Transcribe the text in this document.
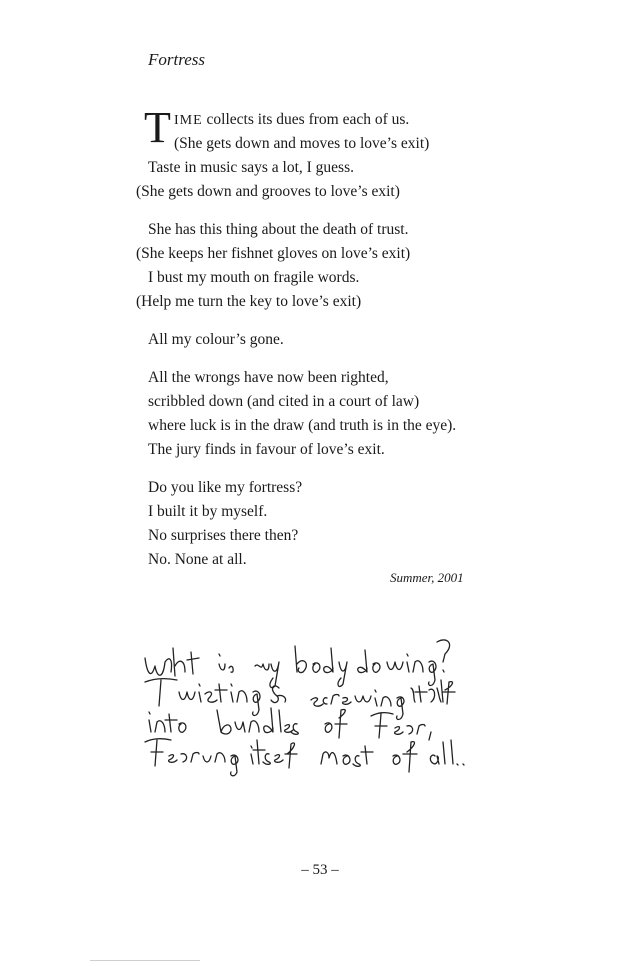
Fortress
T IME collects its dues from each of us.
(She gets down and moves to love’s exit)
Taste in music says a lot, I guess.
(She gets down and grooves to love’s exit)
She has this thing about the death of trust.
(She keeps her fishnet gloves on love’s exit)
I bust my mouth on fragile words.
(Help me turn the key to love’s exit)
All my colour’s gone.
All the wrongs have now been righted,
scribbled down (and cited in a court of law)
where luck is in the draw (and truth is in the eye).
The jury finds in favour of love’s exit.
Do you like my fortress?
I built it by myself.
No surprises there then?
No. None at all.
Summer, 2001
– 53 –
